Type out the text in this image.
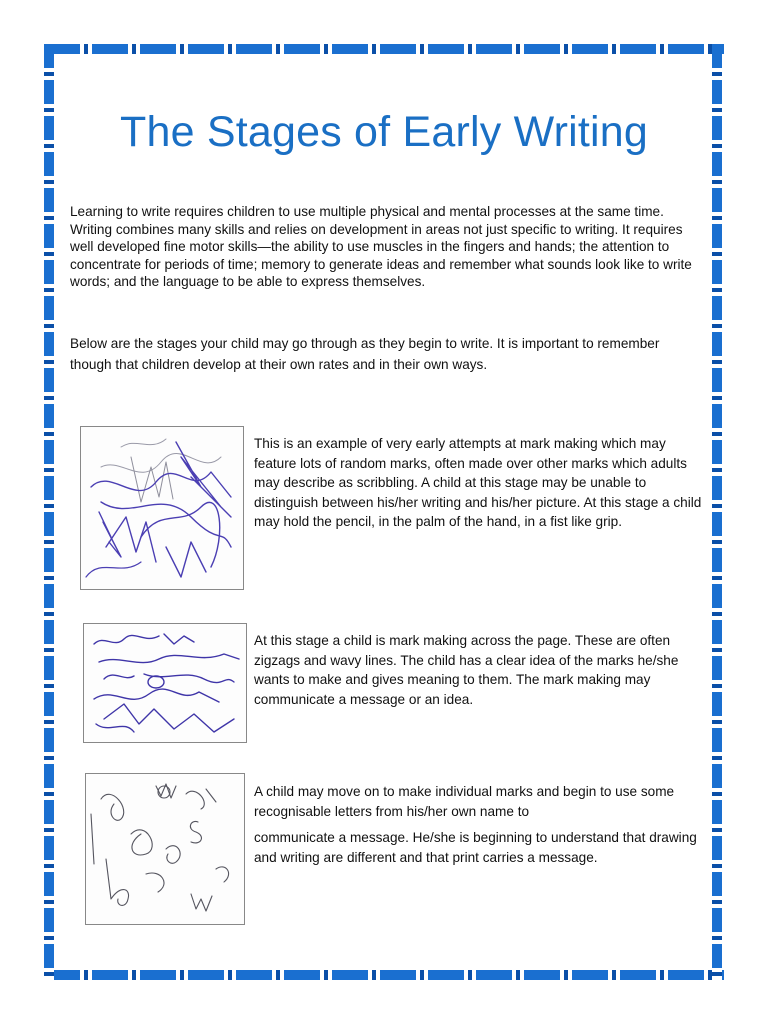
The Stages of Early Writing

Learning to write requires children to use multiple physical and mental processes at the same time. Writing combines many skills and relies on development in areas not just specific to writing. It requires well developed fine motor skills—the ability to use muscles in the fingers and hands; the attention to concentrate for periods of time; memory to generate ideas and remember what sounds look like to write words; and the language to be able to express themselves.

Below are the stages your child may go through as they begin to write. It is important to remember though that children develop at their own rates and in their own ways.

This is an example of very early attempts at mark making which may feature lots of random marks, often made over other marks which adults may describe as scribbling. A child at this stage may be unable to distinguish between his/her writing and his/her picture. At this stage a child may hold the pencil, in the palm of the hand, in a fist like grip.

At this stage a child is mark making across the page. These are often zigzags and wavy lines. The child has a clear idea of the marks he/she wants to make and gives meaning to them. The mark making may communicate a message or an idea.

A child may move on to make individual marks and begin to use some recognisable letters from his/her own name to

communicate a message. He/she is beginning to understand that drawing and writing are different and that print carries a message.
